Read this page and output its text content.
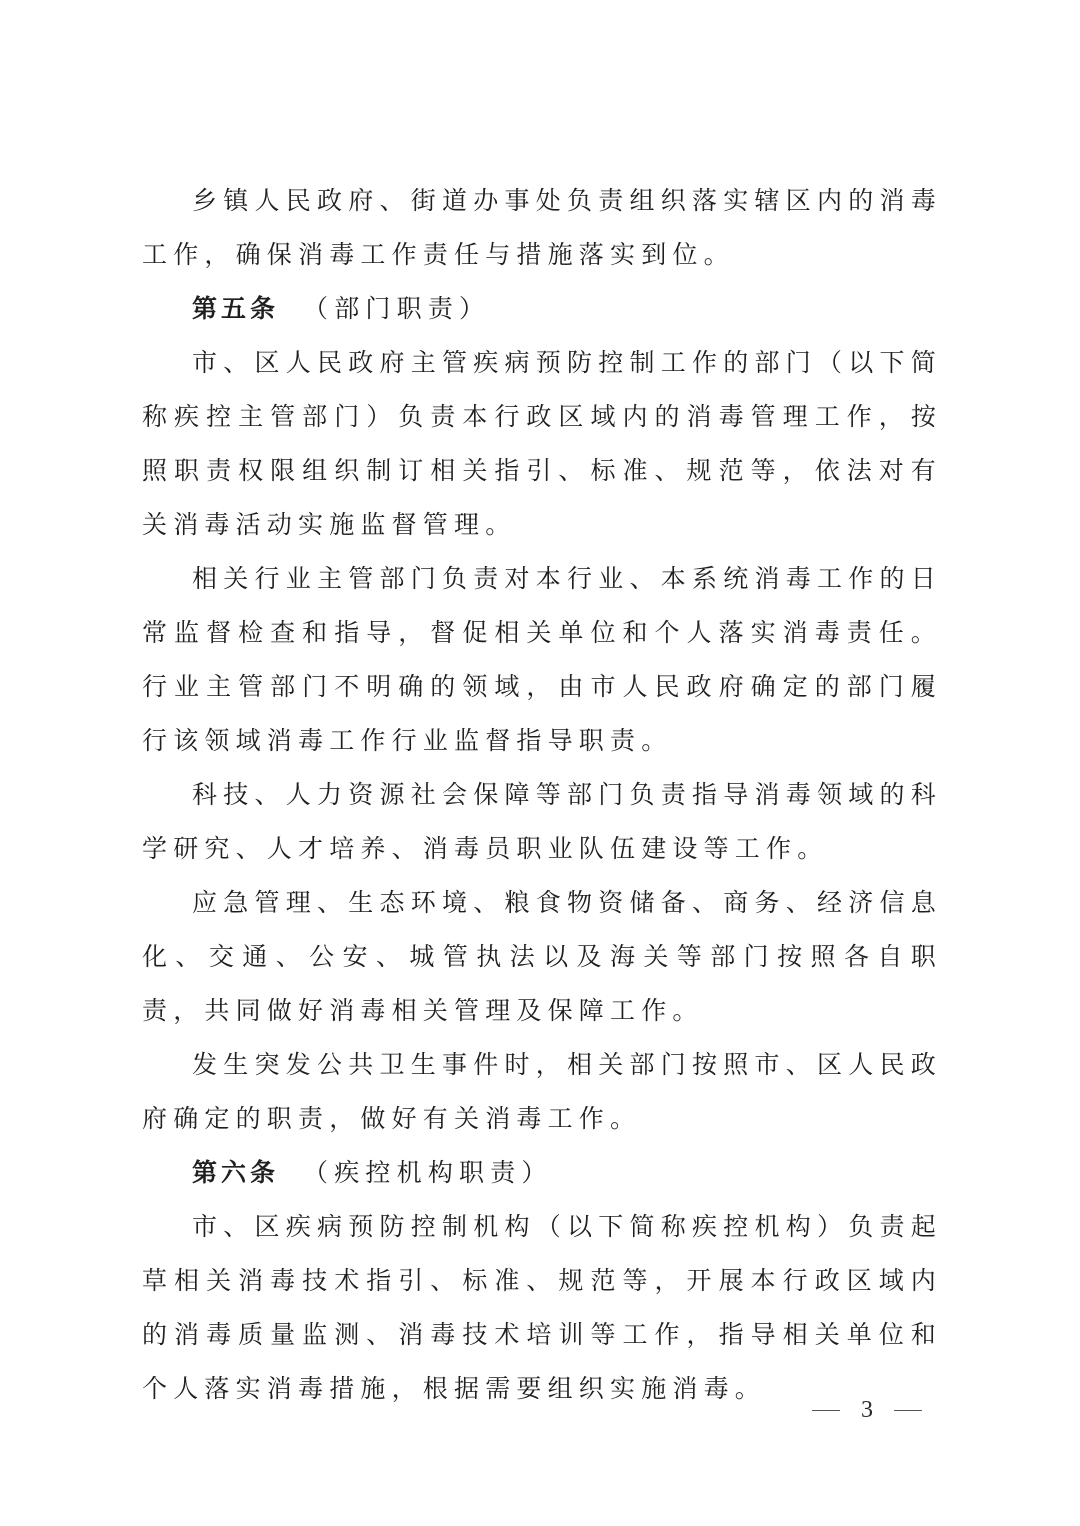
乡镇人民政府、街道办事处负责组织落实辖区内的消毒工作，确保消毒工作责任与措施落实到位。

第五条 （部门职责）

市、区人民政府主管疾病预防控制工作的部门（以下简称疾控主管部门）负责本行政区域内的消毒管理工作，按照职责权限组织制订相关指引、标准、规范等，依法对有关消毒活动实施监督管理。

相关行业主管部门负责对本行业、本系统消毒工作的日常监督检查和指导，督促相关单位和个人落实消毒责任。行业主管部门不明确的领域，由市人民政府确定的部门履行该领域消毒工作行业监督指导职责。

科技、人力资源社会保障等部门负责指导消毒领域的科学研究、人才培养、消毒员职业队伍建设等工作。

应急管理、生态环境、粮食物资储备、商务、经济信息化、交通、公安、城管执法以及海关等部门按照各自职责，共同做好消毒相关管理及保障工作。

发生突发公共卫生事件时，相关部门按照市、区人民政府确定的职责，做好有关消毒工作。

第六条 （疾控机构职责）

市、区疾病预防控制机构（以下简称疾控机构）负责起草相关消毒技术指引、标准、规范等，开展本行政区域内的消毒质量监测、消毒技术培训等工作，指导相关单位和个人落实消毒措施，根据需要组织实施消毒。

3
